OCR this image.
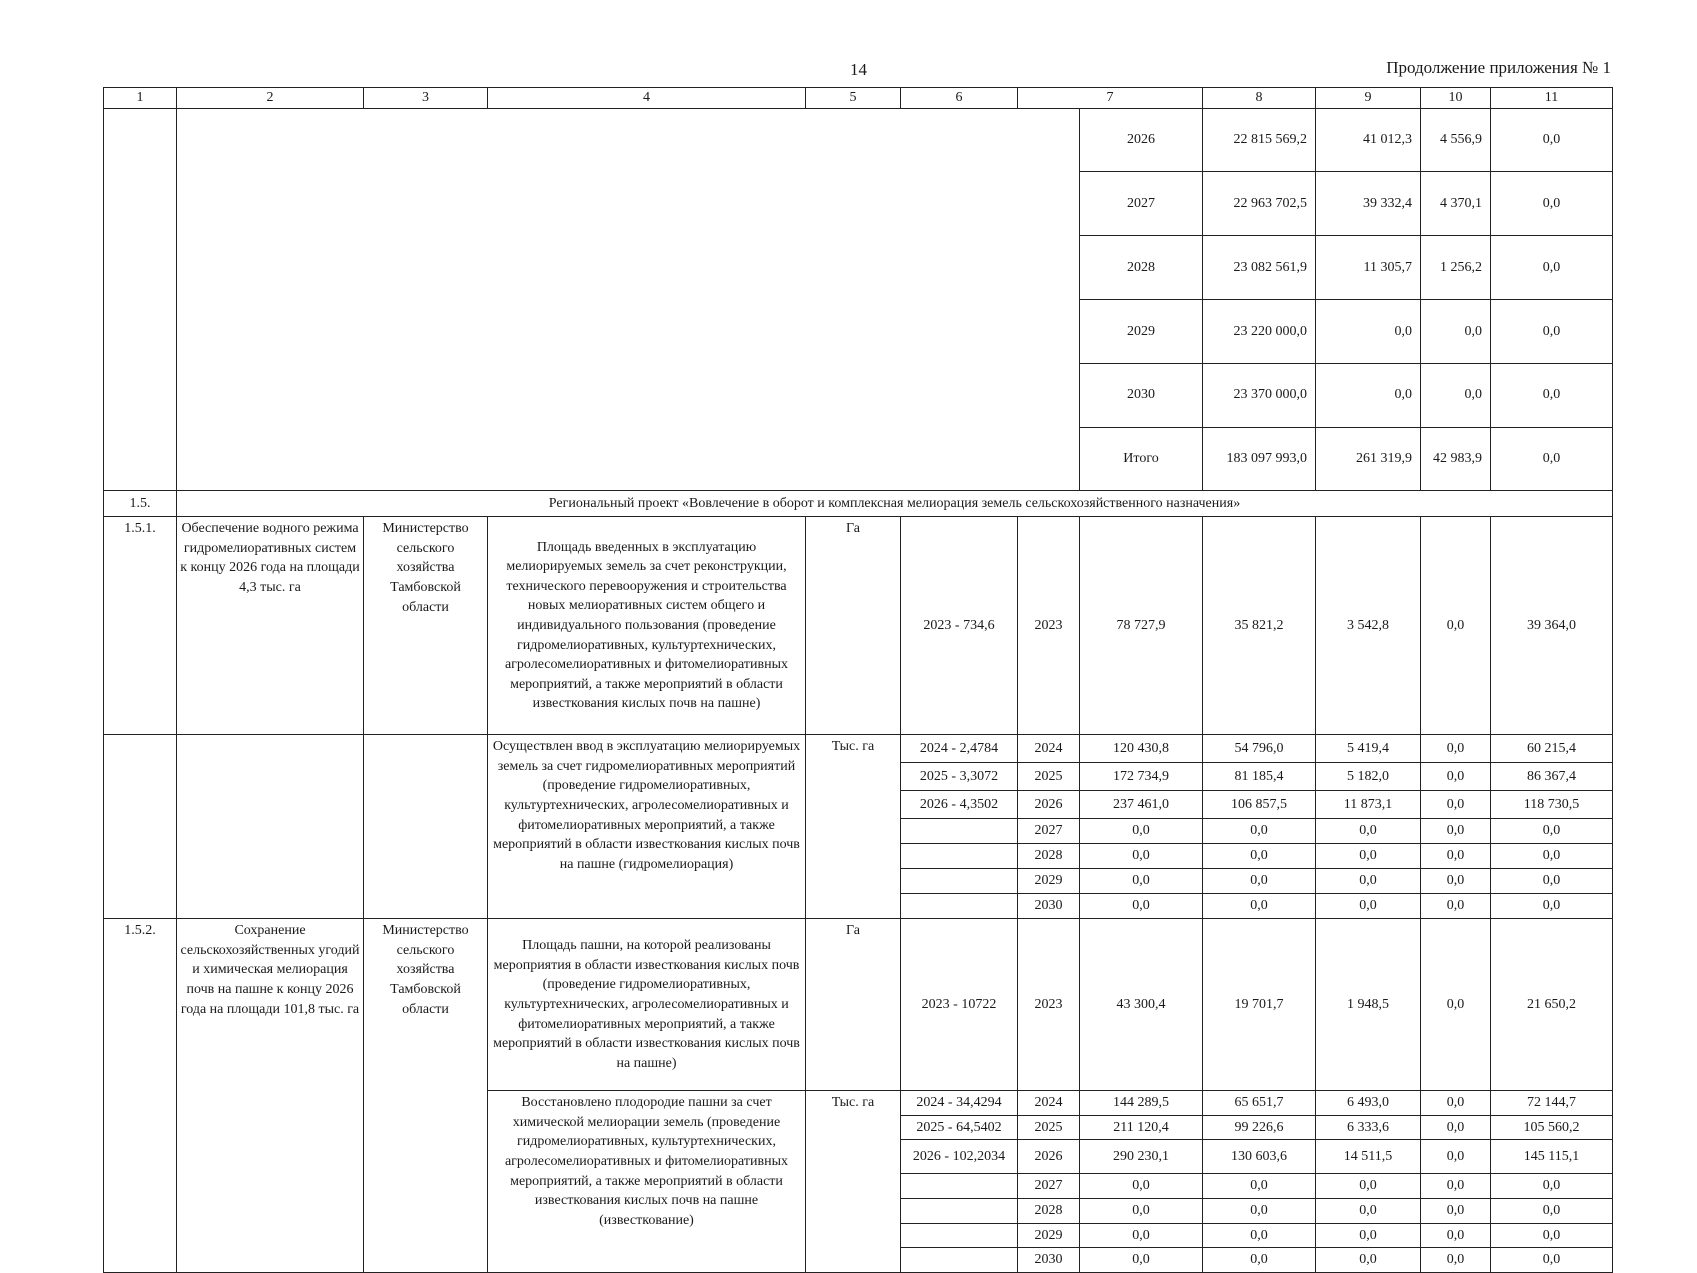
14	Продолжение приложения № 1
1	2	3	4	5	6	7		8	9	10	11	
							2026	22 815 569,2	41 012,3	4 556,9	0,0	
							2027	22 963 702,5	39 332,4	4 370,1	0,0	
							2028	23 082 561,9	11 305,7	1 256,2	0,0	
							2029	23 220 000,0	0,0	0,0	0,0	
							2030	23 370 000,0	0,0	0,0	0,0	
							Итого	183 097 993,0	261 319,9	42 983,9	0,0	
1.5.	Региональный проект «Вовлечение в оборот и комплексная мелиорация земель сельскохозяйственного назначения»											
1.5.1.	Обеспечение водного режима гидромелиоративных систем к концу 2026 года на площади 4,3 тыс. га	Министерство сельского хозяйства Тамбовской области	Площадь введенных в эксплуатацию мелиорируемых земель за счет реконструкции, технического перевооружения и строительства новых мелиоративных систем общего и индивидуального пользования (проведение гидромелиоративных, культуртехнических, агролесомелиоративных и фитомелиоративных мероприятий, а также мероприятий в области известкования кислых почв на пашне)	Га	2023 - 734,6	2023	78 727,9	35 821,2	3 542,8	0,0	39 364,0	
			Осуществлен ввод в эксплуатацию мелиорируемых земель за счет гидромелиоративных мероприятий (проведение гидромелиоративных, культуртехнических, агролесомелиоративных и фитомелиоративных мероприятий, а также мероприятий в области известкования кислых почв на пашне (гидромелиорация)	Тыс. га	2024 - 2,4784	2024	120 430,8	54 796,0	5 419,4	0,0	60 215,4	
					2025 - 3,3072	2025	172 734,9	81 185,4	5 182,0	0,0	86 367,4	
					2026 - 4,3502	2026	237 461,0	106 857,5	11 873,1	0,0	118 730,5	
						2027	0,0	0,0	0,0	0,0	0,0	
						2028	0,0	0,0	0,0	0,0	0,0	
						2029	0,0	0,0	0,0	0,0	0,0	
						2030	0,0	0,0	0,0	0,0	0,0	
1.5.2.	Сохранение сельскохозяйственных угодий и химическая мелиорация почв на пашне к концу 2026 года на площади 101,8 тыс. га	Министерство сельского хозяйства Тамбовской области	Площадь пашни, на которой реализованы мероприятия в области известкования кислых почв (проведение гидромелиоративных, культуртехнических, агролесомелиоративных и фитомелиоративных мероприятий, а также мероприятий в области известкования кислых почв на пашне)	Га	2023 - 10722	2023	43 300,4	19 701,7	1 948,5	0,0	21 650,2	
			Восстановлено плодородие пашни за счет химической мелиорации земель (проведение гидромелиоративных, культуртехнических, агролесомелиоративных и фитомелиоративных мероприятий, а также мероприятий в области известкования кислых почв на пашне (известкование)	Тыс. га	2024 - 34,4294	2024	144 289,5	65 651,7	6 493,0	0,0	72 144,7	
					2025 - 64,5402	2025	211 120,4	99 226,6	6 333,6	0,0	105 560,2	
					2026 - 102,2034	2026	290 230,1	130 603,6	14 511,5	0,0	145 115,1	
						2027	0,0	0,0	0,0	0,0	0,0	
						2028	0,0	0,0	0,0	0,0	0,0	
						2029	0,0	0,0	0,0	0,0	0,0	
						2030	0,0	0,0	0,0	0,0	0,0	
